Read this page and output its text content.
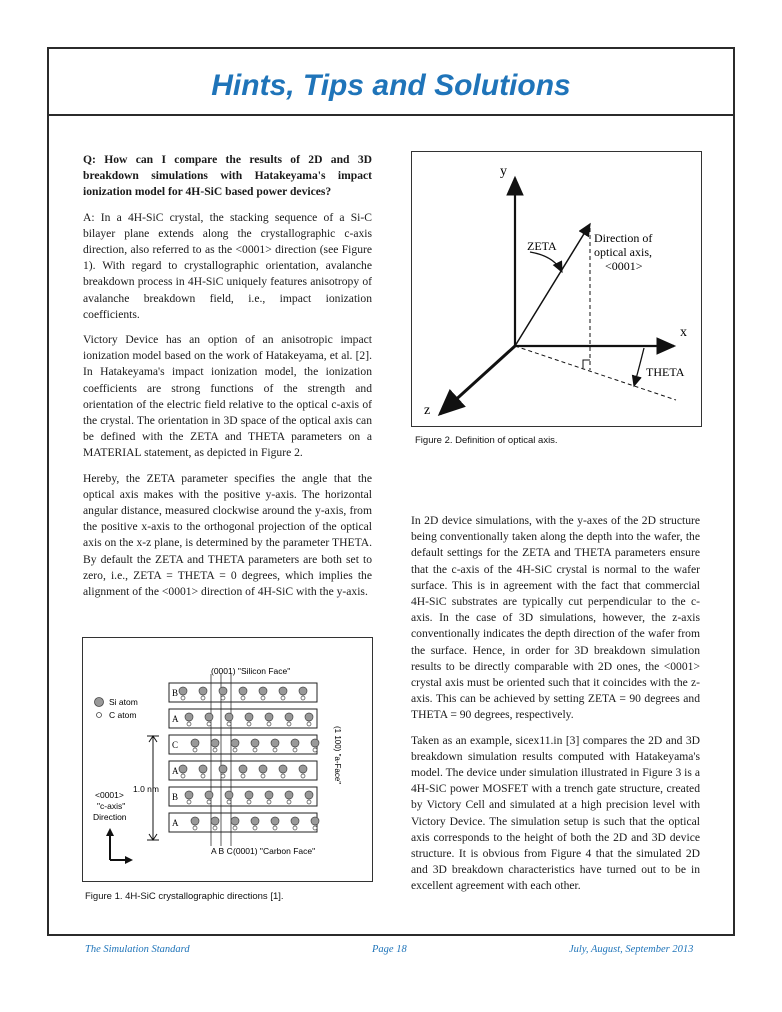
Hints, Tips and Solutions

Q: How can I compare the results of 2D and 3D breakdown simulations with Hatakeyama's impact ionization model for 4H-SiC based power devices?

A: In a 4H-SiC crystal, the stacking sequence of a Si-C bilayer plane extends along the crystallographic c-axis direction, also referred to as the <0001> direction (see Figure 1). With regard to crystallographic orientation, avalanche breakdown process in 4H-SiC uniquely features anisotropy of avalanche breakdown field, i.e., impact ionization coefficients.

Victory Device has an option of an anisotropic impact ionization model based on the work of Hatakeyama, et al. [2]. In Hatakeyama's impact ionization model, the ionization coefficients are strong functions of the strength and orientation of the electric field relative to the optical c-axis of the crystal. The orientation in 3D space of the optical axis can be defined with the ZETA and THETA parameters on a MATERIAL statement, as depicted in Figure 2.

Hereby, the ZETA parameter specifies the angle that the optical axis makes with the positive y-axis. The horizontal angular distance, measured clockwise around the y-axis, from the positive x-axis to the orthogonal projection of the optical axis on the x-z plane, is determined by the parameter THETA. By default the ZETA and THETA parameters are both set to zero, i.e., ZETA = THETA = 0 degrees, which implies the alignment of the <0001> direction of 4H-SiC with the y-axis.

In 2D device simulations, with the y-axes of the 2D structure being conventionally taken along the depth into the wafer, the default settings for the ZETA and THETA parameters ensure that the c-axis of the 4H-SiC crystal is normal to the wafer surface. This is in agreement with the fact that commercial 4H-SiC substrates are typically cut perpendicular to the c-axis. In the case of 3D simulations, however, the z-axis conventionally indicates the depth direction of the wafer from the surface. Hence, in order for 3D breakdown simulation results to be directly comparable with 2D ones, the <0001> crystal axis must be oriented such that it coincides with the z-axis. This can be achieved by setting ZETA = 90 degrees and THETA = 90 degrees, respectively.

Taken as an example, sicex11.in [3] compares the 2D and 3D breakdown simulation results computed with Hatakeyama's model. The device under simulation illustrated in Figure 3 is a 4H-SiC power MOSFET with a trench gate structure, created by Victory Cell and simulated at a high precision level with Victory Device. The simulation setup is such that the optical axis corresponds to the height of both the 2D and 3D device structure. It is obvious from Figure 4 that the simulated 2D and 3D breakdown characteristics have turned out to be in excellent agreement with each other.

y
x
z
ZETA
THETA
Direction of
optical axis,
<0001>
Figure 2. Definition of optical axis.
(0001) "Silicon Face"
(0001) "Carbon Face"
Si atom
C atom
B
A
C
A
B
A
1.0 nm
<0001>
"c-axis"
Direction
A B C
(1 100) "a-Face"
Figure 1. 4H-SiC crystallographic directions [1].
The Simulation Standard	Page 18	July, August, September 2013
